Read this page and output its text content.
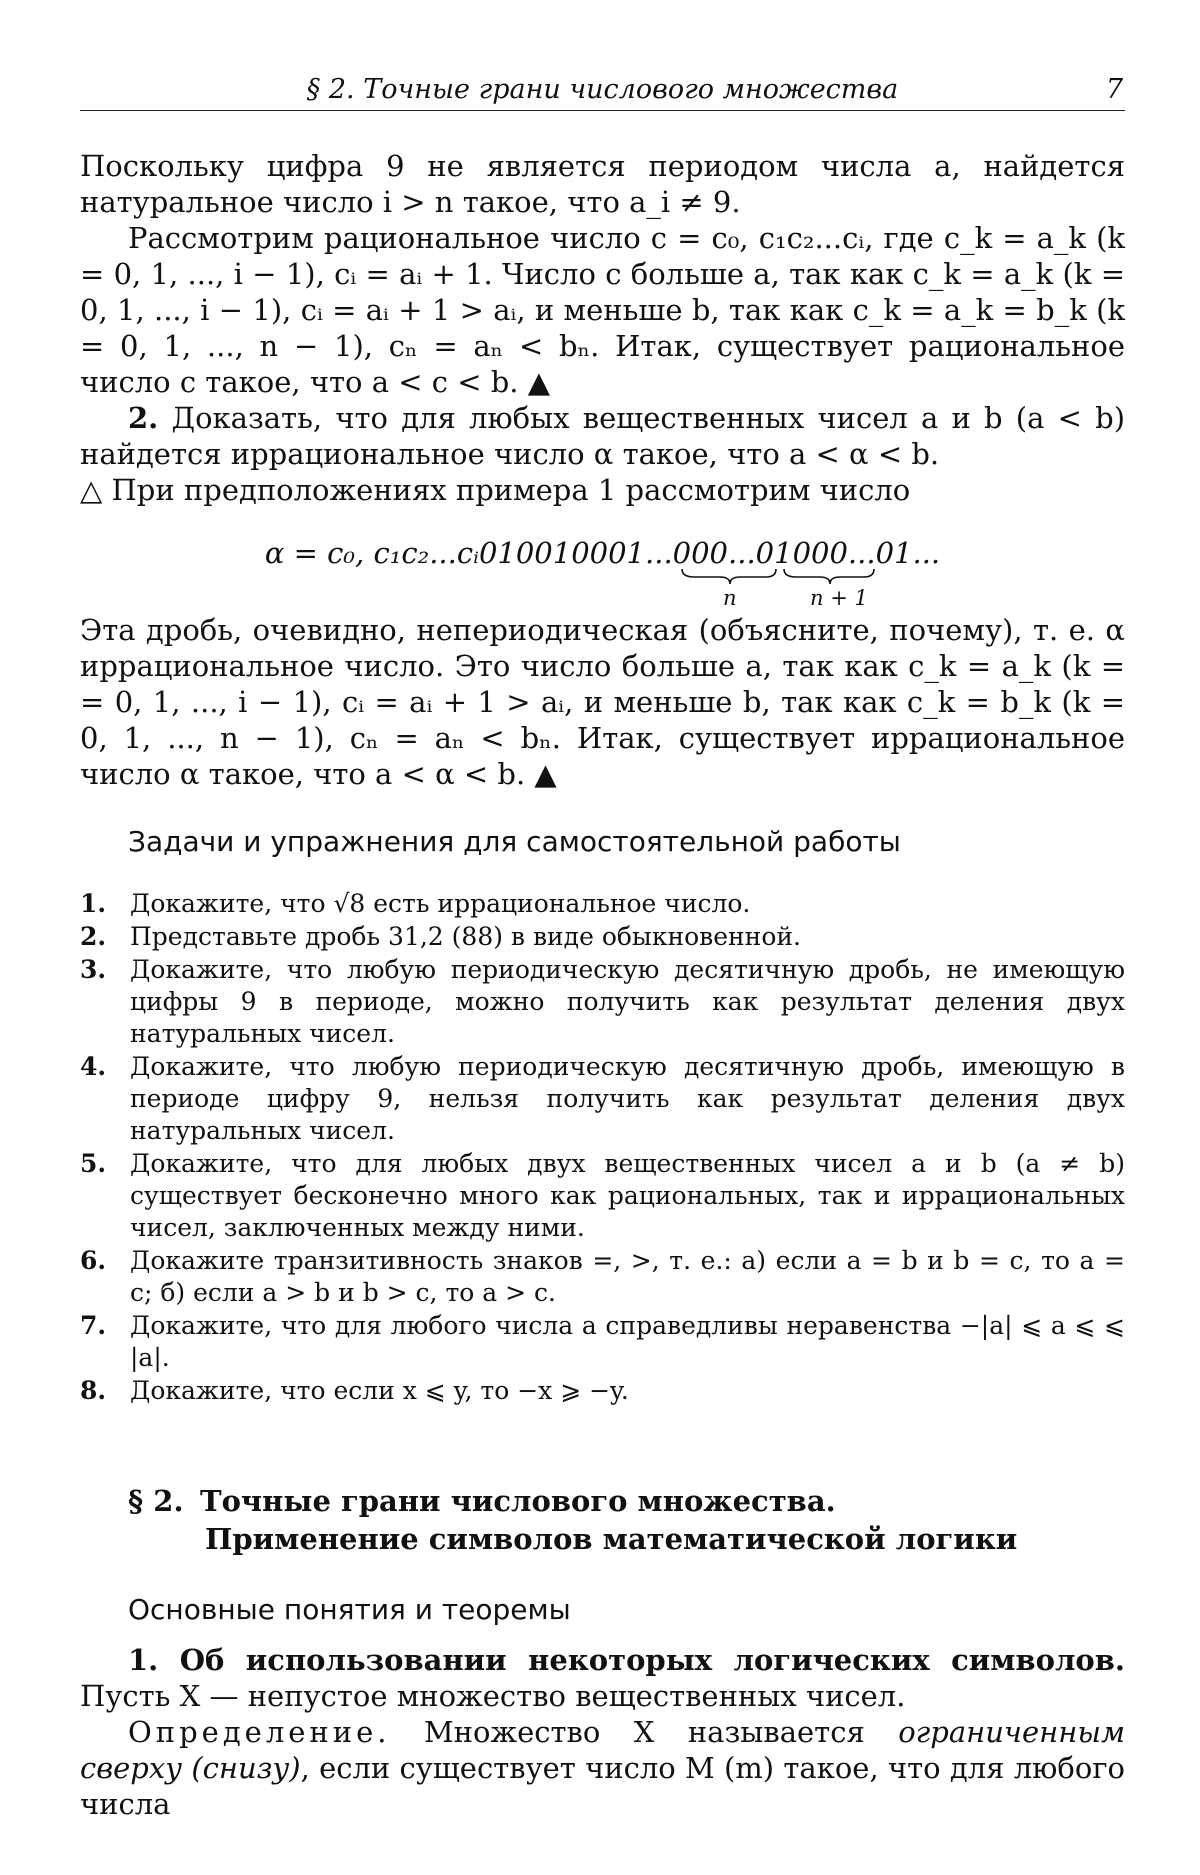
§ 2. Точные грани числового множества	7

Поскольку цифра 9 не является периодом числа a, найдется натуральное число i > n такое, что a_i ≠ 9.

Рассмотрим рациональное число c = c₀, c₁c₂...cᵢ, где c_k = a_k (k = 0, 1, ..., i − 1), cᵢ = aᵢ + 1. Число c больше a, так как c_k = a_k (k = 0, 1, ..., i − 1), cᵢ = aᵢ + 1 > aᵢ, и меньше b, так как c_k = a_k = b_k (k = 0, 1, ..., n − 1), cₙ = aₙ < bₙ. Итак, существует рациональное число c такое, что a < c < b. ▲

2. Доказать, что для любых вещественных чисел a и b (a < b) найдется иррациональное число α такое, что a < α < b.

△ При предположениях примера 1 рассмотрим число

α = c₀, c₁c₂...cᵢ010010001...000...01000...01...
n	n + 1

Эта дробь, очевидно, непериодическая (объясните, почему), т. е. α иррациональное число. Это число больше a, так как c_k = a_k (k = = 0, 1, ..., i − 1), cᵢ = aᵢ + 1 > aᵢ, и меньше b, так как c_k = b_k (k = 0, 1, ..., n − 1), cₙ = aₙ < bₙ. Итак, существует иррациональное число α такое, что a < α < b. ▲

Задачи и упражнения для самостоятельной работы
1. Докажите, что √8 есть иррациональное число.
2. Представьте дробь 31,2 (88) в виде обыкновенной.
3. Докажите, что любую периодическую десятичную дробь, не имеющую цифры 9 в периоде, можно получить как результат деления двух натуральных чисел.
4. Докажите, что любую периодическую десятичную дробь, имеющую в периоде цифру 9, нельзя получить как результат деления двух натуральных чисел.
5. Докажите, что для любых двух вещественных чисел a и b (a ≠ b) существует бесконечно много как рациональных, так и иррациональных чисел, заключенных между ними.
6. Докажите транзитивность знаков =, >, т. е.: а) если a = b и b = c, то a = c; б) если a > b и b > c, то a > c.
7. Докажите, что для любого числа a справедливы неравенства −|a| ⩽ a ⩽ ⩽ |a|.
8. Докажите, что если x ⩽ y, то −x ⩾ −y.
§ 2. Точные грани числового множества.
Применение символов математической логики
Основные понятия и теоремы

1. Об использовании некоторых логических символов. Пусть X — непустое множество вещественных чисел.

Определение. Множество X называется ограниченным сверху (снизу), если существует число M (m) такое, что для любого числа
